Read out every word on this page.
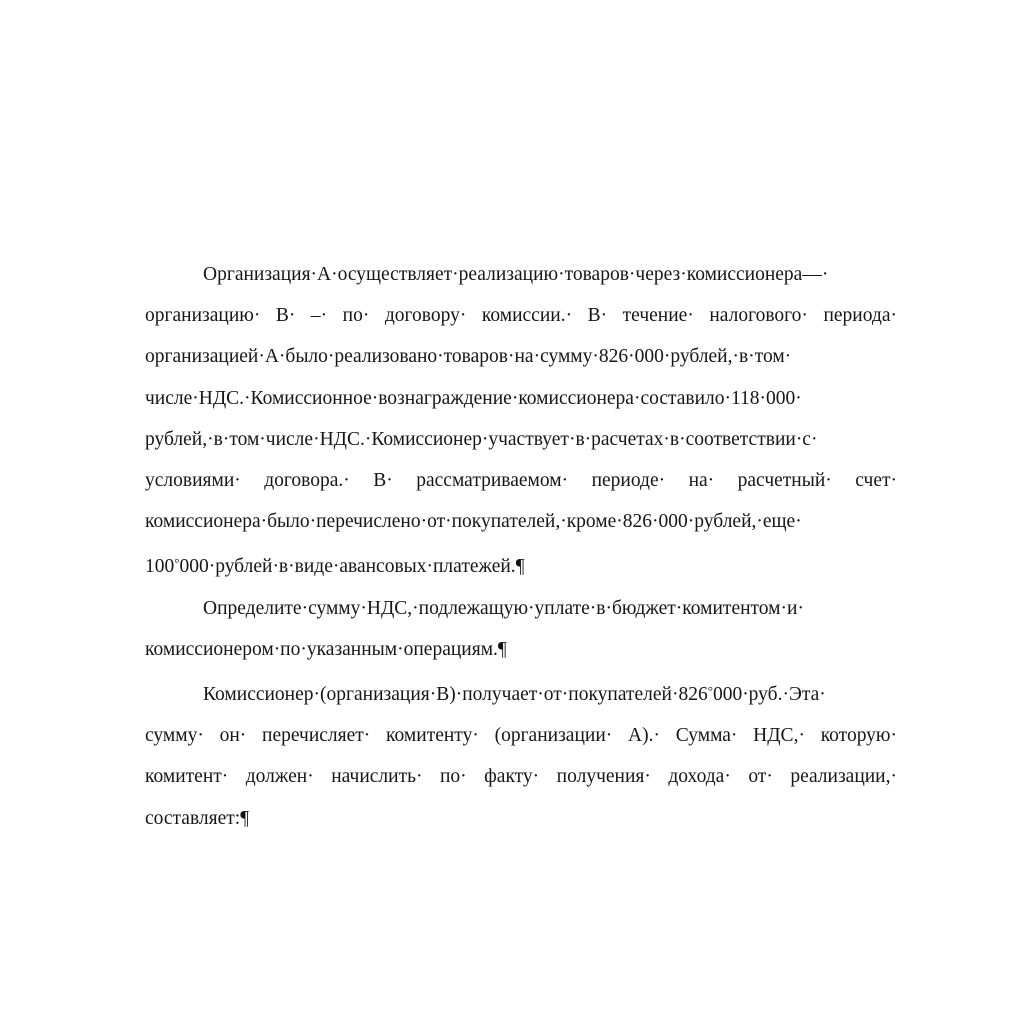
Организация·А·осуществляет·реализацию·товаров·через·комиссионера—·
организацию· В· –· по· договору· комиссии.· В· течение· налогового· периода·
организацией·А·было·реализовано·товаров·на·сумму·826·000·рублей,·в·том·
числе·НДС.·Комиссионное·вознаграждение·комиссионера·составило·118·000·
рублей,·в·том·числе·НДС.·Комиссионер·участвует·в·расчетах·в·соответствии·с·
условиями· договора.· В· рассматриваемом· периоде· на· расчетный· счет·
комиссионера·было·перечислено·от·покупателей,·кроме·826·000·рублей,·еще·
100°000·рублей·в·виде·авансовых·платежей.¶
Определите·сумму·НДС,·подлежащую·уплате·в·бюджет·комитентом·и·
комиссионером·по·указанным·операциям.¶
Комиссионер·(организация·В)·получает·от·покупателей·826°000·руб.·Эта·
сумму· он· перечисляет· комитенту· (организации· А).· Сумма· НДС,· которую·
комитент· должен· начислить· по· факту· получения· дохода· от· реализации,·
составляет:¶
